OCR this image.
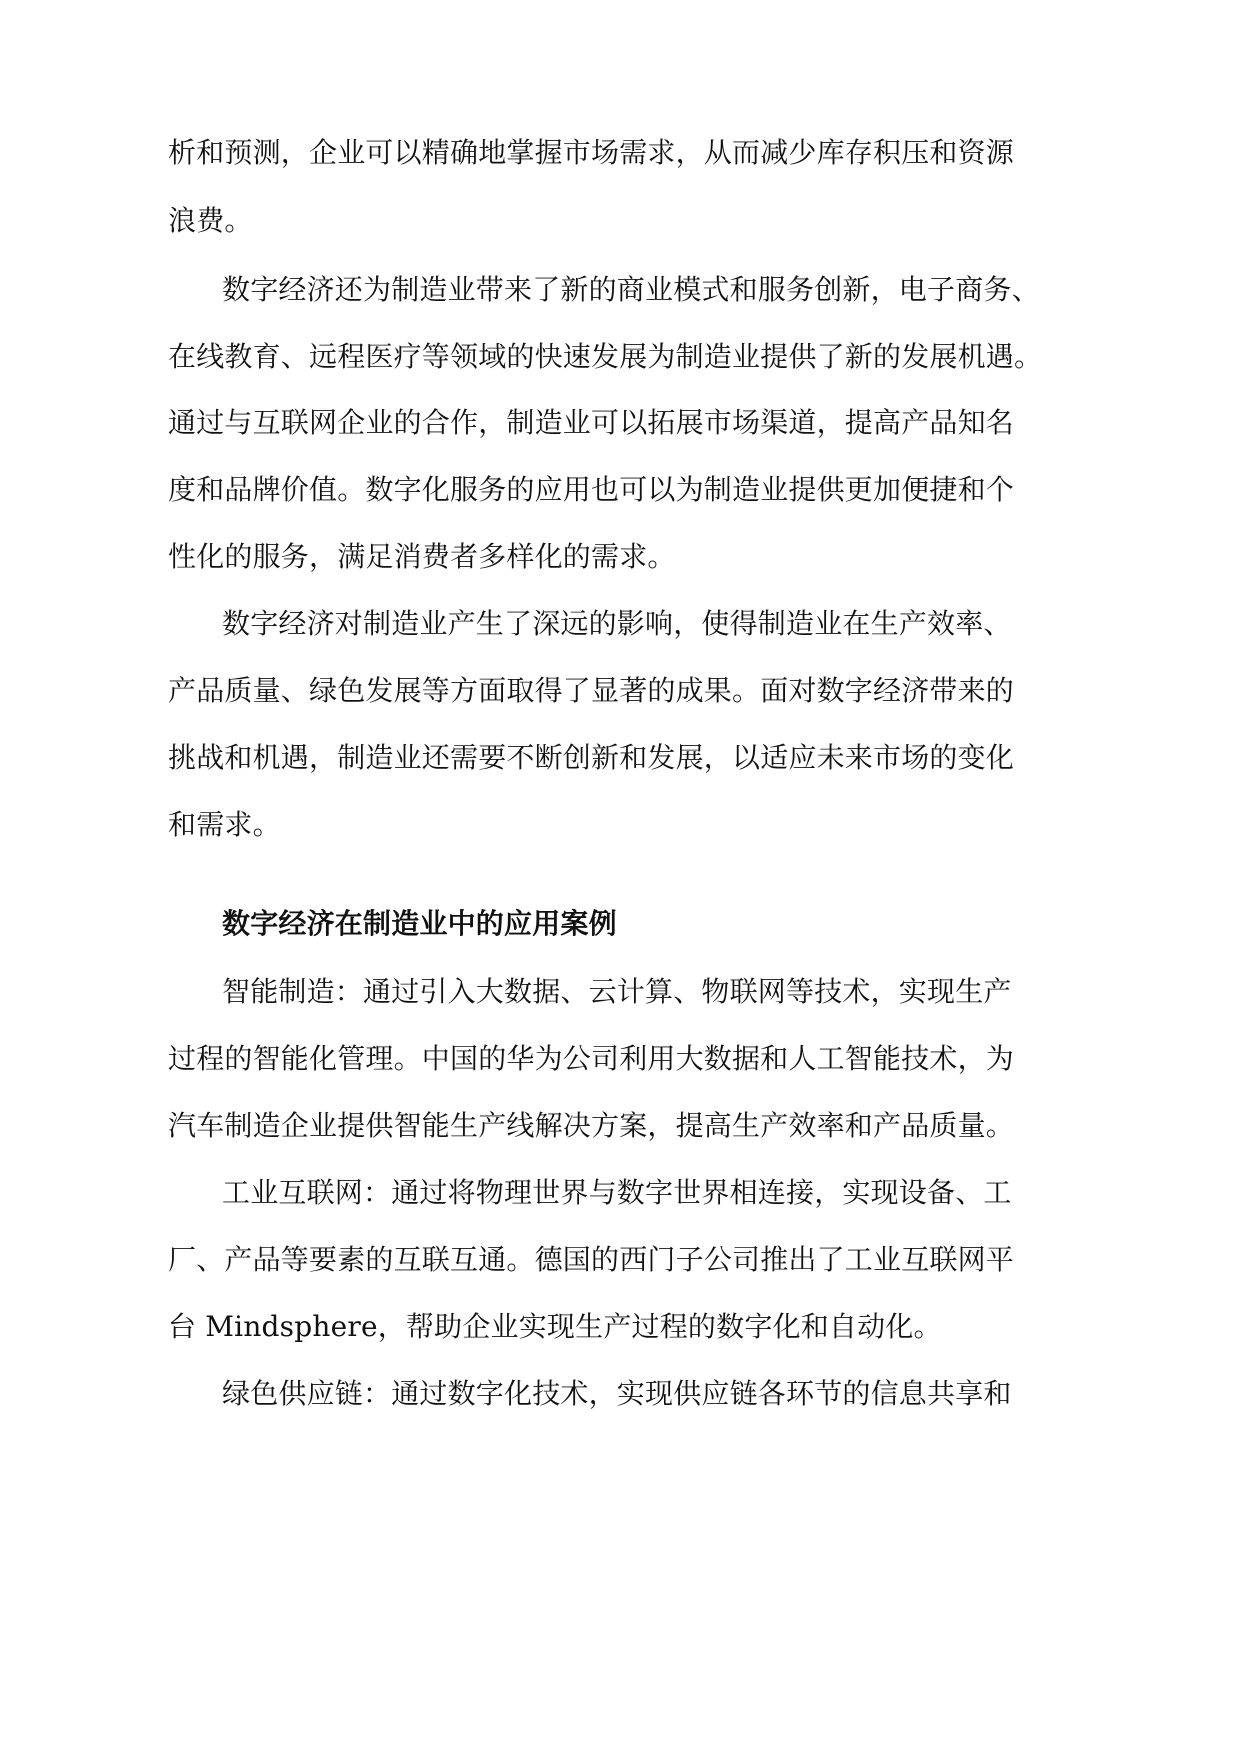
析和预测，企业可以精确地掌握市场需求，从而减少库存积压和资源
浪费。
数字经济还为制造业带来了新的商业模式和服务创新，电子商务、
在线教育、远程医疗等领域的快速发展为制造业提供了新的发展机遇。
通过与互联网企业的合作，制造业可以拓展市场渠道，提高产品知名
度和品牌价值。数字化服务的应用也可以为制造业提供更加便捷和个
性化的服务，满足消费者多样化的需求。
数字经济对制造业产生了深远的影响，使得制造业在生产效率、
产品质量、绿色发展等方面取得了显著的成果。面对数字经济带来的
挑战和机遇，制造业还需要不断创新和发展，以适应未来市场的变化
和需求。
数字经济在制造业中的应用案例
智能制造：通过引入大数据、云计算、物联网等技术，实现生产
过程的智能化管理。中国的华为公司利用大数据和人工智能技术，为
汽车制造企业提供智能生产线解决方案，提高生产效率和产品质量。
工业互联网：通过将物理世界与数字世界相连接，实现设备、工
厂、产品等要素的互联互通。德国的西门子公司推出了工业互联网平
台 Mindsphere，帮助企业实现生产过程的数字化和自动化。
绿色供应链：通过数字化技术，实现供应链各环节的信息共享和
